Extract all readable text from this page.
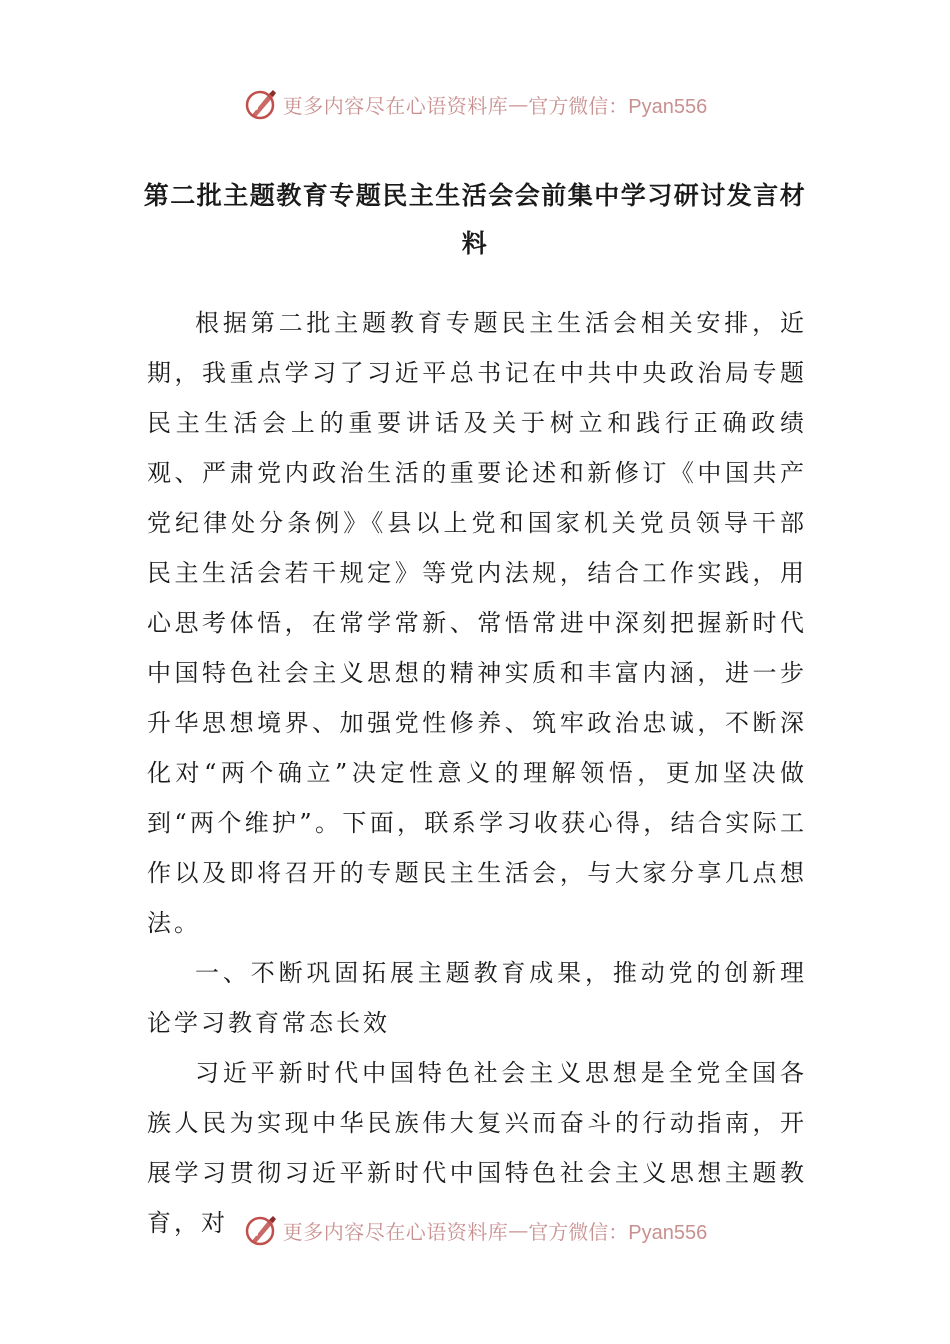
更多内容尽在心语资料库 — 官方微信：Pyan556
第二批主题教育专题民主生活会会前集中学习研讨发言材料

根据第二批主题教育专题民主生活会相关安排，近期，我重点学习了习近平总书记在中共中央政治局专题民主生活会上的重要讲话及关于树立和践行正确政绩观、严肃党内政治生活的重要论述和新修订《中国共产党纪律处分条例》《县以上党和国家机关党员领导干部民主生活会若干规定》等党内法规，结合工作实践，用心思考体悟，在常学常新、常悟常进中深刻把握新时代中国特色社会主义思想的精神实质和丰富内涵，进一步升华思想境界、加强党性修养、筑牢政治忠诚，不断深化对“两个确立”决定性意义的理解领悟，更加坚决做到“两个维护”。下面，联系学习收获心得，结合实际工作以及即将召开的专题民主生活会，与大家分享几点想法。

一、不断巩固拓展主题教育成果，推动党的创新理论学习教育常态长效

习近平新时代中国特色社会主义思想是全党全国各族人民为实现中华民族伟大复兴而奋斗的行动指南，开展学习贯彻习近平新时代中国特色社会主义思想主题教育，对	更多内容尽在心语资料库 — 官方微信：Pyan556
